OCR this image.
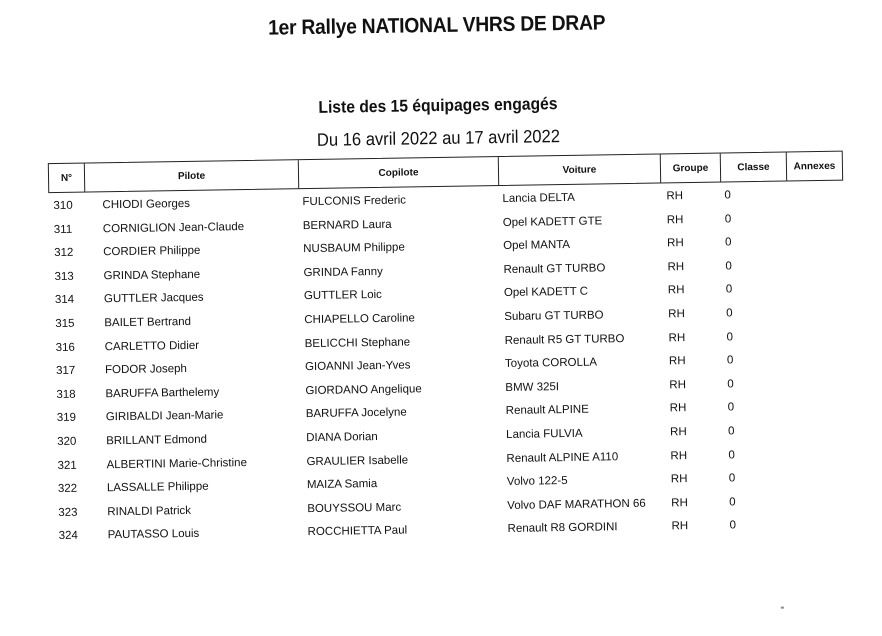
1er Rallye NATIONAL VHRS DE DRAP
Liste des 15 équipages engagés
Du 16 avril 2022 au 17 avril 2022
N°	Pilote	Copilote	Voiture	Groupe	Classe	Annexes
310	CHIODI Georges	FULCONIS Frederic	Lancia DELTA	RH	0
311	CORNIGLION Jean-Claude	BERNARD Laura	Opel KADETT GTE	RH	0
312	CORDIER Philippe	NUSBAUM Philippe	Opel MANTA	RH	0
313	GRINDA Stephane	GRINDA Fanny	Renault GT TURBO	RH	0
314	GUTTLER Jacques	GUTTLER Loic	Opel KADETT C	RH	0
315	BAILET Bertrand	CHIAPELLO Caroline	Subaru GT TURBO	RH	0
316	CARLETTO Didier	BELICCHI Stephane	Renault R5 GT TURBO	RH	0
317	FODOR Joseph	GIOANNI Jean-Yves	Toyota COROLLA	RH	0
318	BARUFFA Barthelemy	GIORDANO Angelique	BMW 325I	RH	0
319	GIRIBALDI Jean-Marie	BARUFFA Jocelyne	Renault ALPINE	RH	0
320	BRILLANT Edmond	DIANA Dorian	Lancia FULVIA	RH	0
321	ALBERTINI Marie-Christine	GRAULIER Isabelle	Renault ALPINE A110	RH	0
322	LASSALLE Philippe	MAIZA Samia	Volvo 122-5	RH	0
323	RINALDI Patrick	BOUYSSOU Marc	Volvo DAF MARATHON 66	RH	0
324	PAUTASSO Louis	ROCCHIETTA Paul	Renault R8 GORDINI	RH	0
